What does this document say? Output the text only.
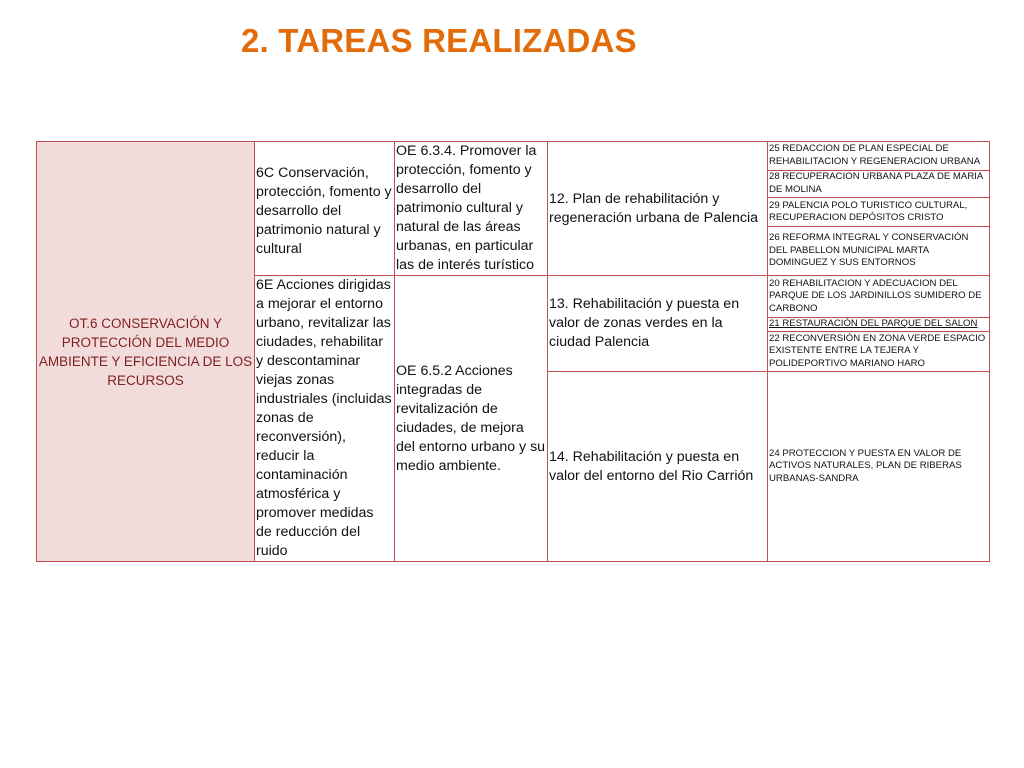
2. TAREAS REALIZADAS
OT.6 CONSERVACIÓN Y PROTECCIÓN DEL MEDIO AMBIENTE Y EFICIENCIA DE LOS RECURSOS	6C Conservación, protección, fomento y desarrollo del patrimonio natural y cultural	OE 6.3.4. Promover la protección, fomento y desarrollo del patrimonio cultural y natural de las áreas urbanas, en particular las de interés turístico	12. Plan de rehabilitación y regeneración urbana de Palencia	25 REDACCION DE PLAN ESPECIAL DE REHABILITACION Y REGENERACION URBANA
				28 RECUPERACION URBANA PLAZA DE MARIA DE MOLINA
				29 PALENCIA POLO TURISTICO CULTURAL, RECUPERACION DEPÓSITOS CRISTO
				26 REFORMA INTEGRAL Y CONSERVACIÓN DEL PABELLON MUNICIPAL MARTA DOMINGUEZ Y SUS ENTORNOS
	6E Acciones dirigidas a mejorar el entorno urbano, revitalizar las ciudades, rehabilitar y descontaminar viejas zonas industriales (incluidas zonas de reconversión), reducir la contaminación atmosférica y promover medidas de reducción del ruido	OE 6.5.2 Acciones integradas de revitalización de ciudades, de mejora del entorno urbano y su medio ambiente.	13. Rehabilitación y puesta en valor de zonas verdes en la ciudad Palencia	20 REHABILITACION Y ADECUACION DEL PARQUE DE LOS JARDINILLOS SUMIDERO DE CARBONO
				21 RESTAURACIÓN DEL PARQUE DEL SALON
				22 RECONVERSIÓN EN ZONA VERDE ESPACIO EXISTENTE ENTRE LA TEJERA Y POLIDEPORTIVO MARIANO HARO
			14. Rehabilitación y puesta en valor del entorno del Rio Carrión	24 PROTECCION Y PUESTA EN VALOR DE ACTIVOS NATURALES, PLAN DE RIBERAS URBANAS-SANDRA
